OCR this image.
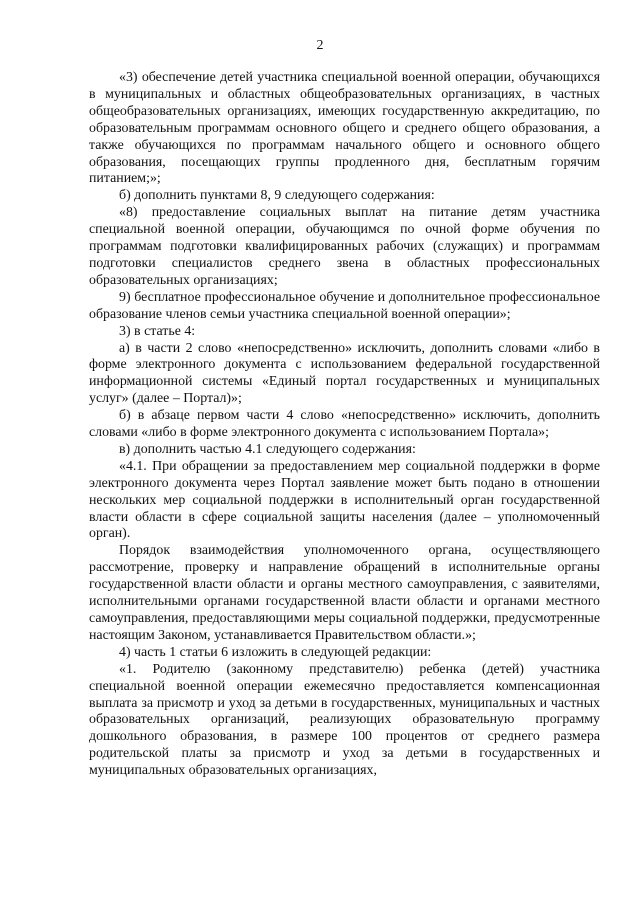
2

«3) обеспечение детей участника специальной военной операции, обучающихся в муниципальных и областных общеобразовательных организациях, в частных общеобразовательных организациях, имеющих государственную аккредитацию, по образовательным программам основного общего и среднего общего образования, а также обучающихся по программам начального общего и основного общего образования, посещающих группы продленного дня, бесплатным горячим питанием;»;

б) дополнить пунктами 8, 9 следующего содержания:

«8) предоставление социальных выплат на питание детям участника специальной военной операции, обучающимся по очной форме обучения по программам подготовки квалифицированных рабочих (служащих) и программам подготовки специалистов среднего звена в областных профессиональных образовательных организациях;

9) бесплатное профессиональное обучение и дополнительное профессиональное образование членов семьи участника специальной военной операции»;

3) в статье 4:

а) в части 2 слово «непосредственно» исключить, дополнить словами «либо в форме электронного документа с использованием федеральной государственной информационной системы «Единый портал государственных и муниципальных услуг» (далее – Портал)»;

б) в абзаце первом части 4 слово «непосредственно» исключить, дополнить словами «либо в форме электронного документа с использованием Портала»;

в) дополнить частью 4.1 следующего содержания:

«4.1. При обращении за предоставлением мер социальной поддержки в форме электронного документа через Портал заявление может быть подано в отношении нескольких мер социальной поддержки в исполнительный орган государственной власти области в сфере социальной защиты населения (далее – уполномоченный орган).

Порядок взаимодействия уполномоченного органа, осуществляющего рассмотрение, проверку и направление обращений в исполнительные органы государственной власти области и органы местного самоуправления, с заявителями, исполнительными органами государственной власти области и органами местного самоуправления, предоставляющими меры социальной поддержки, предусмотренные настоящим Законом, устанавливается Правительством области.»;

4) часть 1 статьи 6 изложить в следующей редакции:

«1. Родителю (законному представителю) ребенка (детей) участника специальной военной операции ежемесячно предоставляется компенсационная выплата за присмотр и уход за детьми в государственных, муниципальных и частных образовательных организаций, реализующих образовательную программу дошкольного образования, в размере 100 процентов от среднего размера родительской платы за присмотр и уход за детьми в государственных и муниципальных образовательных организациях,
